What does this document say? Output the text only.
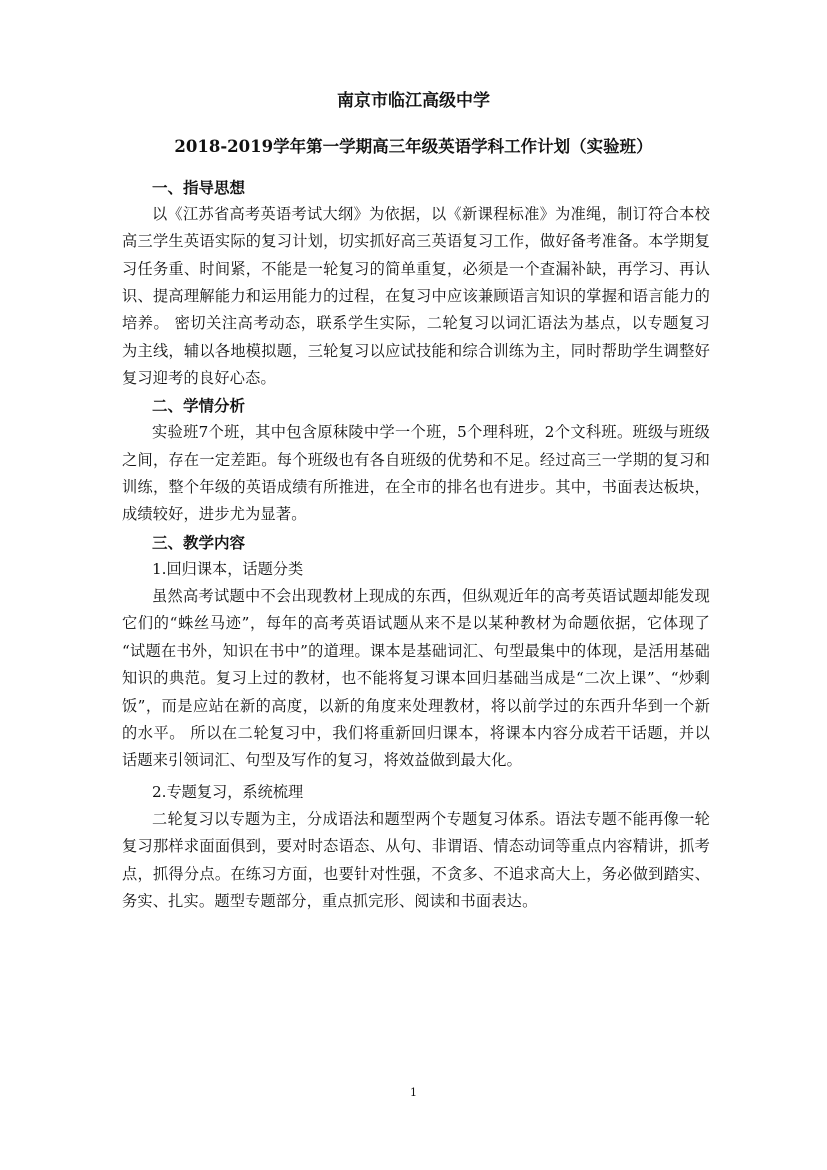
南京市临江高级中学
2018-2019学年第一学期高三年级英语学科工作计划（实验班）

一、指导思想

以《江苏省高考英语考试大纲》为依据，以《新课程标准》为准绳，制订符合本校高三学生英语实际的复习计划，切实抓好高三英语复习工作，做好备考准备。本学期复习任务重、时间紧，不能是一轮复习的简单重复，必须是一个查漏补缺，再学习、再认识、提高理解能力和运用能力的过程，在复习中应该兼顾语言知识的掌握和语言能力的培养。 密切关注高考动态，联系学生实际，二轮复习以词汇语法为基点，以专题复习为主线，辅以各地模拟题，三轮复习以应试技能和综合训练为主，同时帮助学生调整好复习迎考的良好心态。

二、学情分析

实验班7个班，其中包含原秣陵中学一个班，5个理科班，2个文科班。班级与班级之间，存在一定差距。每个班级也有各自班级的优势和不足。经过高三一学期的复习和训练，整个年级的英语成绩有所推进，在全市的排名也有进步。其中，书面表达板块，成绩较好，进步尤为显著。

三、教学内容

1.回归课本，话题分类

虽然高考试题中不会出现教材上现成的东西，但纵观近年的高考英语试题却能发现它们的“蛛丝马迹”，每年的高考英语试题从来不是以某种教材为命题依据，它体现了 “试题在书外，知识在书中”的道理。课本是基础词汇、句型最集中的体现，是活用基础知识的典范。复习上过的教材，也不能将复习课本回归基础当成是“二次上课”、“炒剩饭”，而是应站在新的高度，以新的角度来处理教材，将以前学过的东西升华到一个新的水平。 所以在二轮复习中，我们将重新回归课本，将课本内容分成若干话题，并以话题来引领词汇、句型及写作的复习，将效益做到最大化。

2.专题复习，系统梳理

二轮复习以专题为主，分成语法和题型两个专题复习体系。语法专题不能再像一轮复习那样求面面俱到，要对时态语态、从句、非谓语、情态动词等重点内容精讲，抓考点，抓得分点。在练习方面，也要针对性强，不贪多、不追求高大上，务必做到踏实、务实、扎实。题型专题部分，重点抓完形、阅读和书面表达。

1
